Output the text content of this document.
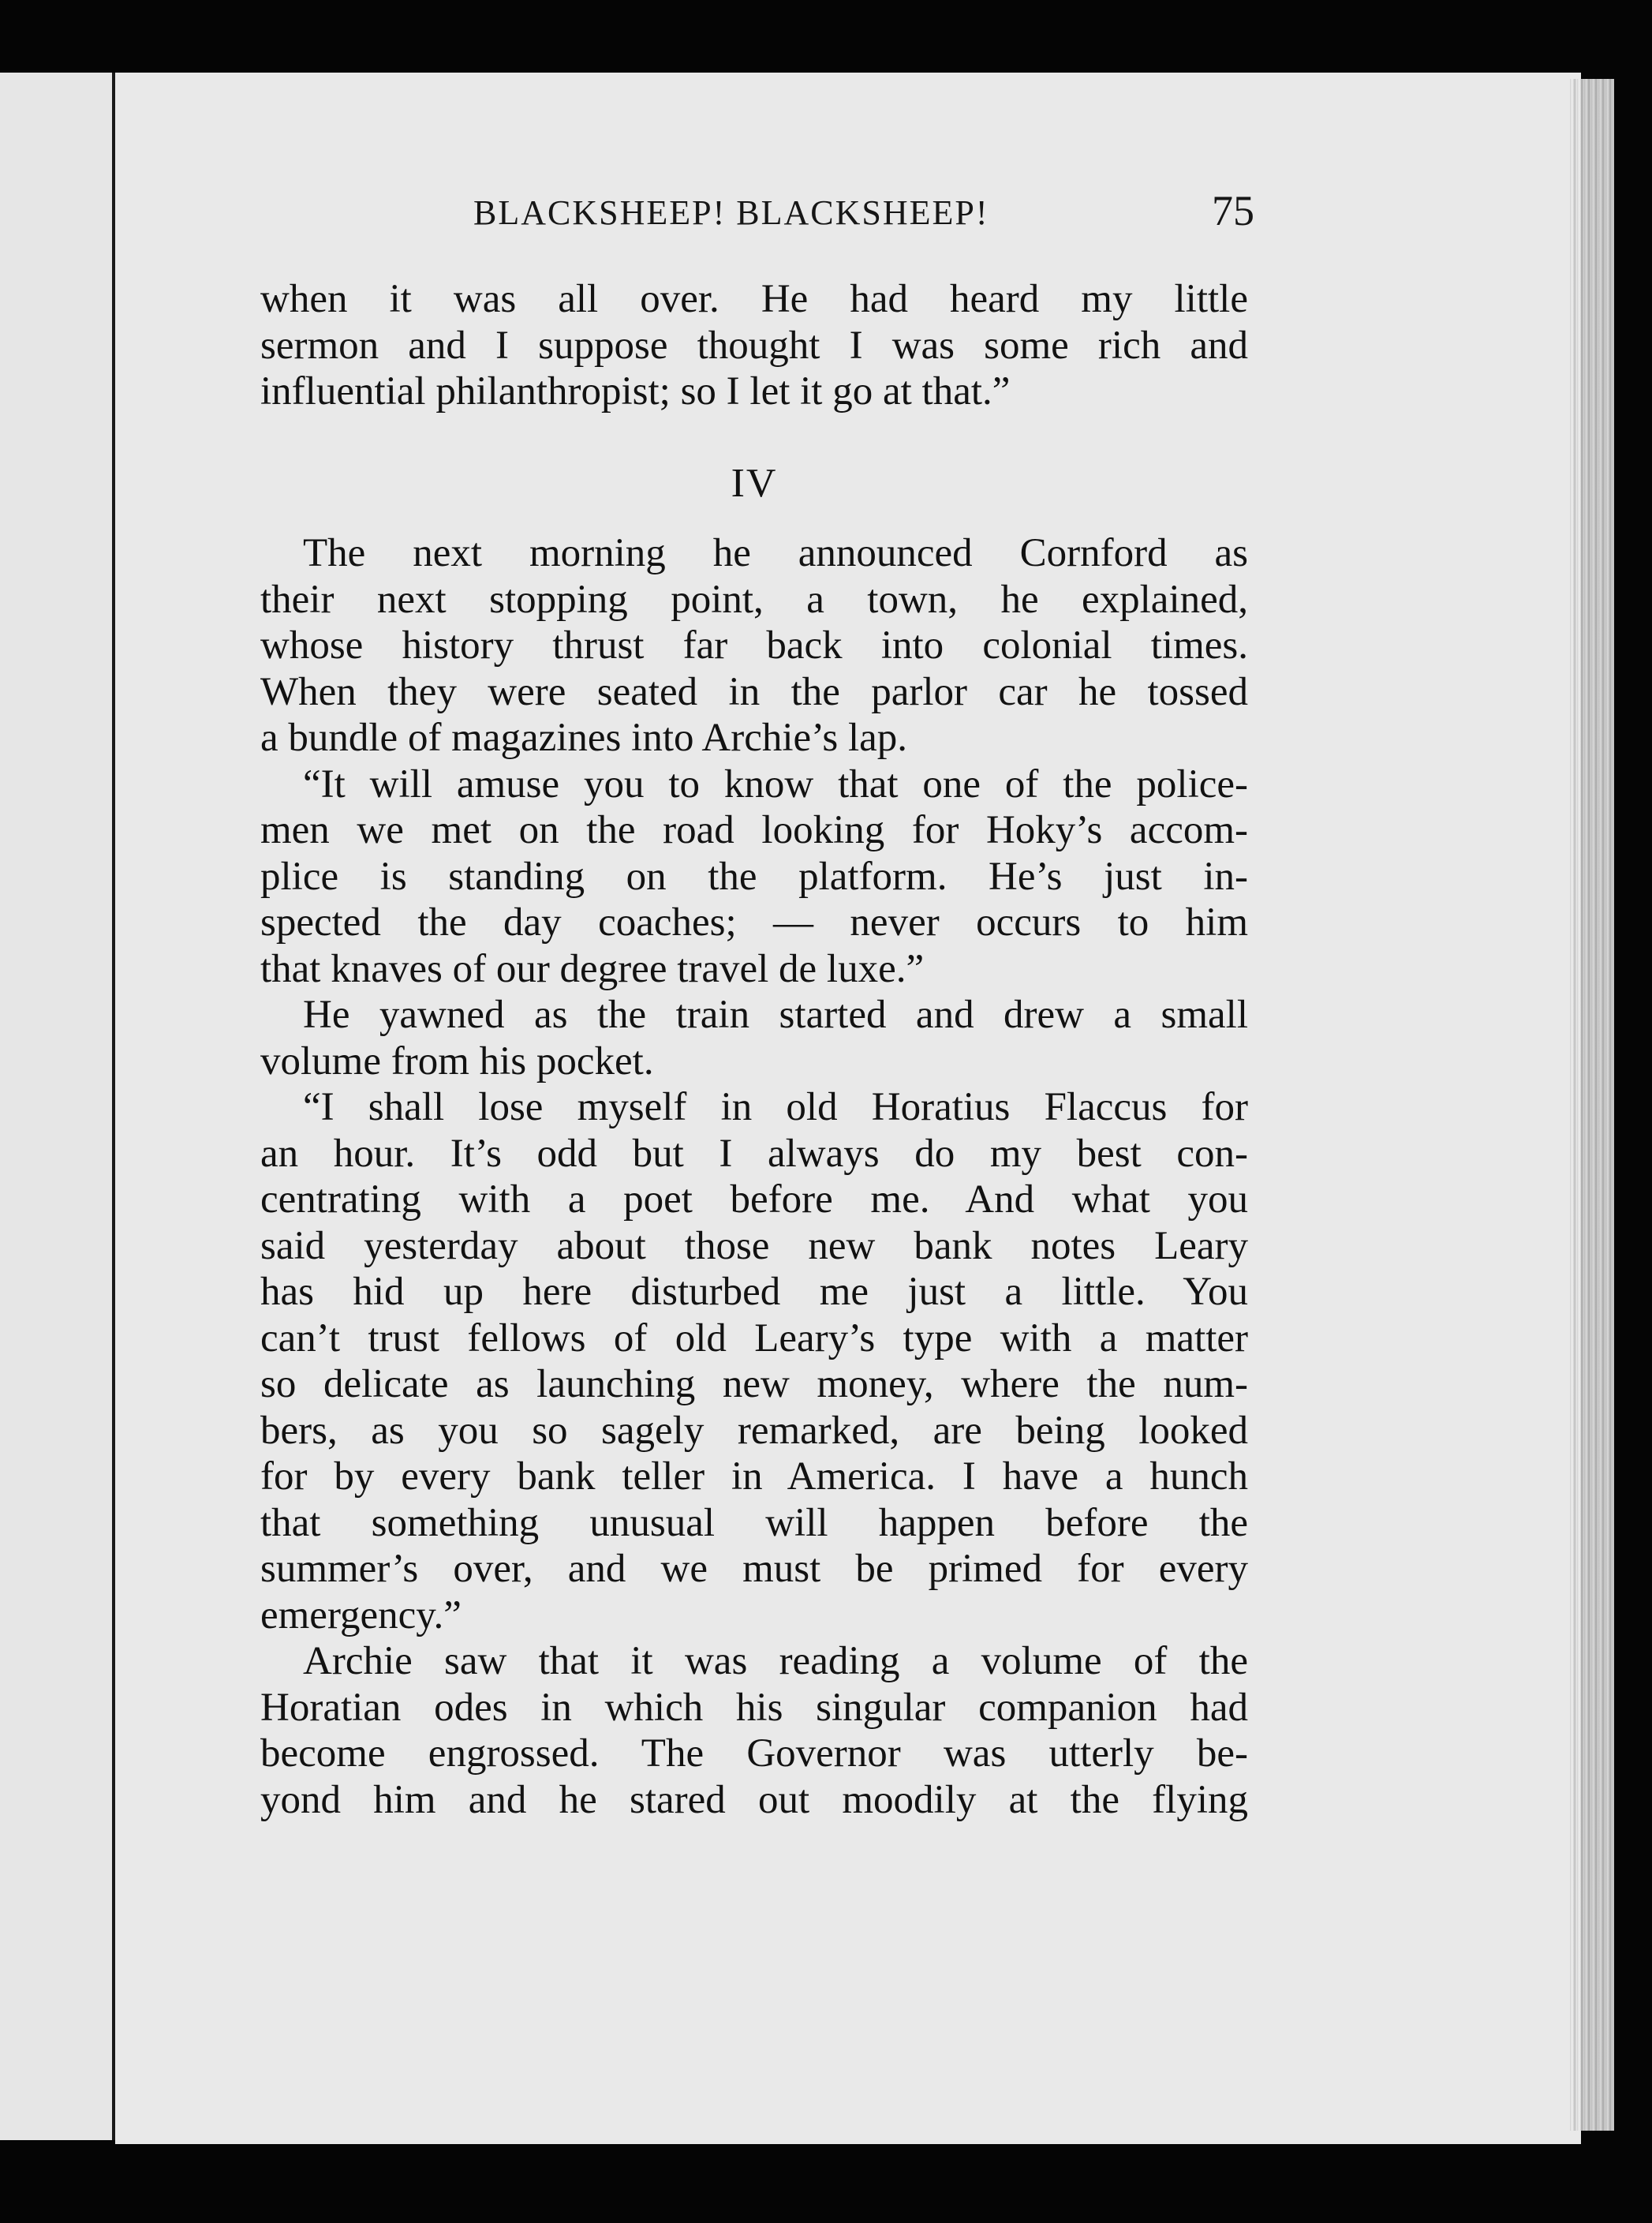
BLACKSHEEP! BLACKSHEEP!	75
when it was all over. He had heard my little
sermon and I suppose thought I was some rich and
influential philanthropist; so I let it go at that.”
IV
The next morning he announced Cornford as
their next stopping point, a town, he explained,
whose history thrust far back into colonial times.
When they were seated in the parlor car he tossed
a bundle of magazines into Archie’s lap.
“It will amuse you to know that one of the police-
men we met on the road looking for Hoky’s accom-
plice is standing on the platform. He’s just in-
spected the day coaches; — never occurs to him
that knaves of our degree travel de luxe.”
He yawned as the train started and drew a small
volume from his pocket.
“I shall lose myself in old Horatius Flaccus for
an hour. It’s odd but I always do my best con-
centrating with a poet before me. And what you
said yesterday about those new bank notes Leary
has hid up here disturbed me just a little. You
can’t trust fellows of old Leary’s type with a matter
so delicate as launching new money, where the num-
bers, as you so sagely remarked, are being looked
for by every bank teller in America. I have a hunch
that something unusual will happen before the
summer’s over, and we must be primed for every
emergency.”
Archie saw that it was reading a volume of the
Horatian odes in which his singular companion had
become engrossed. The Governor was utterly be-
yond him and he stared out moodily at the flying
